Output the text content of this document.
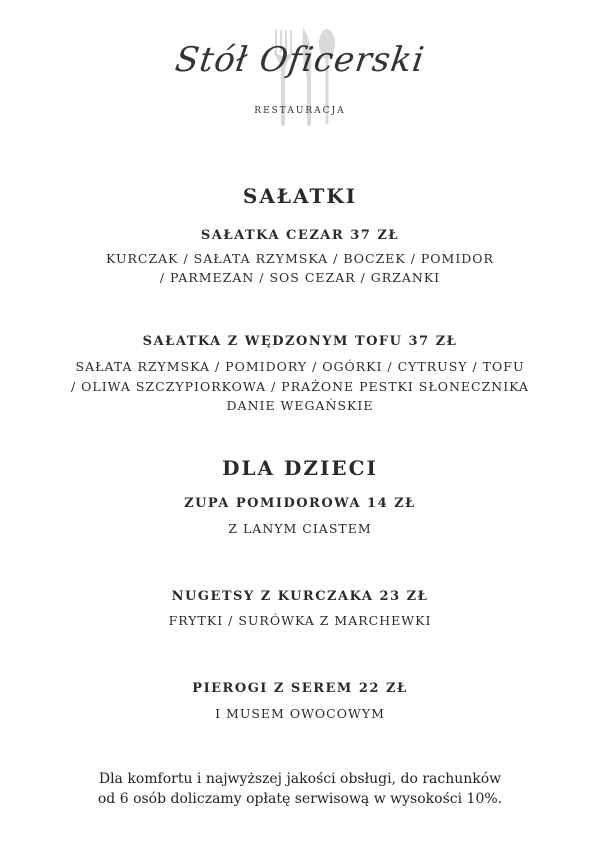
Stół Oficerski
RESTAURACJA
SAŁATKI
SAŁATKA CEZAR 37 ZŁ
KURCZAK / SAŁATA RZYMSKA / BOCZEK / POMIDOR
/ PARMEZAN / SOS CEZAR / GRZANKI
SAŁATKA Z WĘDZONYM TOFU 37 ZŁ
SAŁATA RZYMSKA / POMIDORY / OGÓRKI / CYTRUSY / TOFU
/ OLIWA SZCZYPIORKOWA / PRAŻONE PESTKI SŁONECZNIKA
DANIE WEGAŃSKIE
DLA DZIECI
ZUPA POMIDOROWA 14 ZŁ
Z LANYM CIASTEM
NUGETSY Z KURCZAKA 23 ZŁ
FRYTKI / SURÓWKA Z MARCHEWKI
PIEROGI Z SEREM 22 ZŁ
I MUSEM OWOCOWYM
Dla komfortu i najwyższej jakości obsługi, do rachunków
od 6 osób doliczamy opłatę serwisową w wysokości 10%.
